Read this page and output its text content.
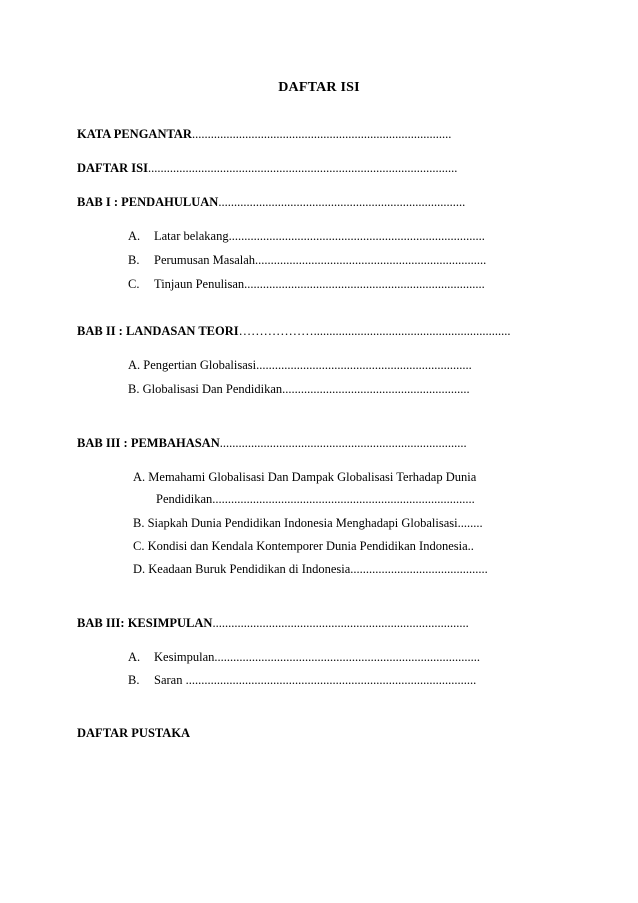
DAFTAR ISI
KATA PENGANTAR...................................................................................
DAFTAR ISI...................................................................................................
BAB I : PENDAHULUAN...............................................................................
A. Latar belakang..................................................................................
B. Perumusan Masalah..........................................................................
C. Tinjaun Penulisan.............................................................................
BAB II : LANDASAN TEORI………………...............................................................
A. Pengertian Globalisasi.....................................................................
B. Globalisasi Dan Pendidikan............................................................
BAB III : PEMBAHASAN...............................................................................
A. Memahami Globalisasi Dan Dampak Globalisasi Terhadap Dunia
Pendidikan....................................................................................
B. Siapkah Dunia Pendidikan Indonesia Menghadapi Globalisasi........
C. Kondisi dan Kendala Kontemporer Dunia Pendidikan Indonesia..
D. Keadaan Buruk Pendidikan di Indonesia............................................
BAB III: KESIMPULAN..................................................................................
A. Kesimpulan.....................................................................................
B. Saran .............................................................................................
DAFTAR PUSTAKA
